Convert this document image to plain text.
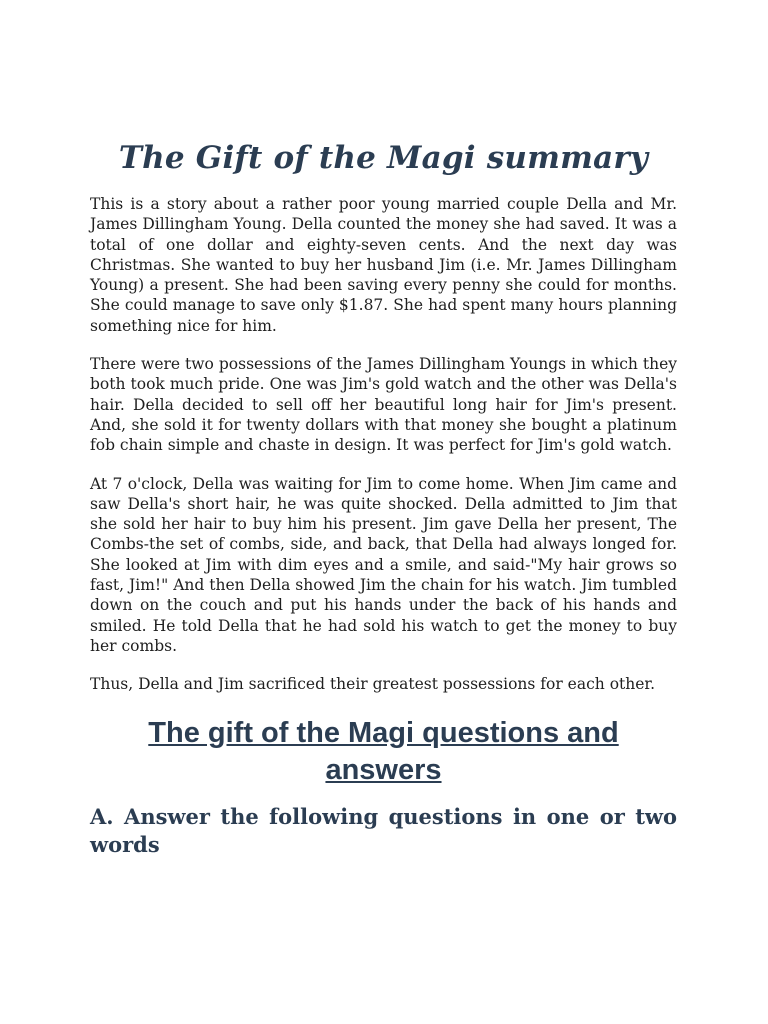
The Gift of the Magi summary

This is a story about a rather poor young married couple Della and Mr. James Dillingham Young. Della counted the money she had saved. It was a total of one dollar and eighty-seven cents. And the next day was Christmas. She wanted to buy her husband Jim (i.e. Mr. James Dillingham Young) a present. She had been saving every penny she could for months. She could manage to save only $1.87. She had spent many hours planning something nice for him.

There were two possessions of the James Dillingham Youngs in which they both took much pride. One was Jim's gold watch and the other was Della's hair. Della decided to sell off her beautiful long hair for Jim's present. And, she sold it for twenty dollars with that money she bought a platinum fob chain simple and chaste in design. It was perfect for Jim's gold watch.

At 7 o'clock, Della was waiting for Jim to come home. When Jim came and saw Della's short hair, he was quite shocked. Della admitted to Jim that she sold her hair to buy him his present. Jim gave Della her present, The Combs-the set of combs, side, and back, that Della had always longed for. She looked at Jim with dim eyes and a smile, and said-"My hair grows so fast, Jim!" And then Della showed Jim the chain for his watch. Jim tumbled down on the couch and put his hands under the back of his hands and smiled. He told Della that he had sold his watch to get the money to buy her combs.

Thus, Della and Jim sacrificed their greatest possessions for each other.

The gift of the Magi questions and answers
A. Answer the following questions in one or two words
